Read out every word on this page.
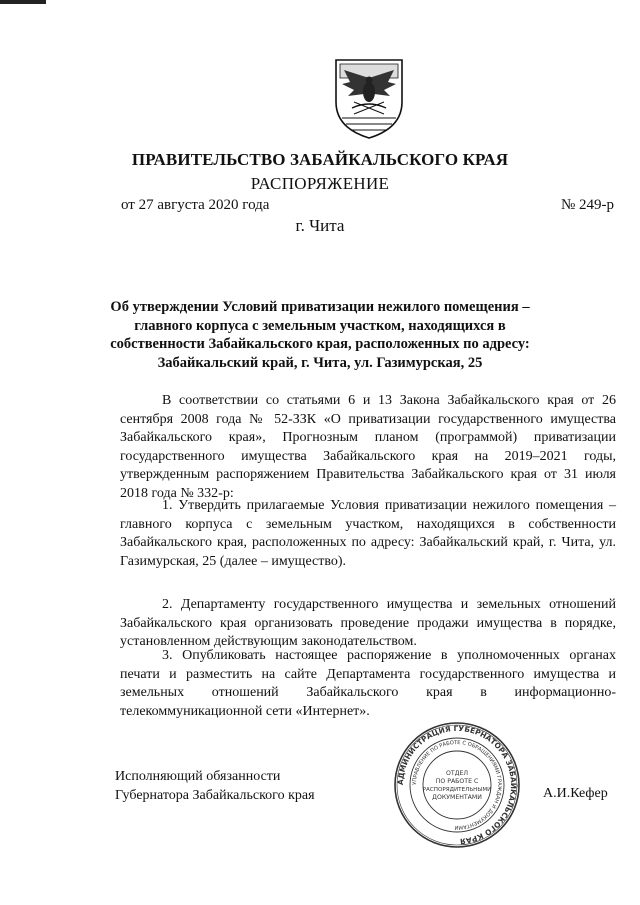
ПРАВИТЕЛЬСТВО ЗАБАЙКАЛЬСКОГО КРАЯ
РАСПОРЯЖЕНИЕ
от 27 августа 2020 года	№ 249-р
г. Чита
Об утверждении Условий приватизации нежилого помещения – главного корпуса с земельным участком, находящихся в собственности Забайкальского края, расположенных по адресу: Забайкальский край, г. Чита, ул. Газимурская, 25

В соответствии со статьями 6 и 13 Закона Забайкальского края от 26 сентября 2008 года № 52-ЗЗК «О приватизации государственного имущества Забайкальского края», Прогнозным планом (программой) приватизации государственного имущества Забайкальского края на 2019–2021 годы, утвержденным распоряжением Правительства Забайкальского края от 31 июля 2018 года № 332-р:

1. Утвердить прилагаемые Условия приватизации нежилого помещения – главного корпуса с земельным участком, находящихся в собственности Забайкальского края, расположенных по адресу: Забайкальский край, г. Чита, ул. Газимурская, 25 (далее – имущество).

2. Департаменту государственного имущества и земельных отношений Забайкальского края организовать проведение продажи имущества в порядке, установленном действующим законодательством.

3. Опубликовать настоящее распоряжение в уполномоченных органах печати и разместить на сайте Департамента государственного имущества и земельных отношений Забайкальского края в информационно-телекоммуникационной сети «Интернет».

Исполняющий обязанности
Губернатора Забайкальского края	А.И.Кефер
АДМИНИСТРАЦИЯ ГУБЕРНАТОРА ЗАБАЙКАЛЬСКОГО КРАЯ
УПРАВЛЕНИЕ ПО РАБОТЕ С ОБРАЩЕНИЯМИ ГРАЖДАН И ДОКУМЕНТАМИ
ОТДЕЛ
ПО РАБОТЕ С
РАСПОРЯДИТЕЛЬНЫМИ
ДОКУМЕНТАМИ
